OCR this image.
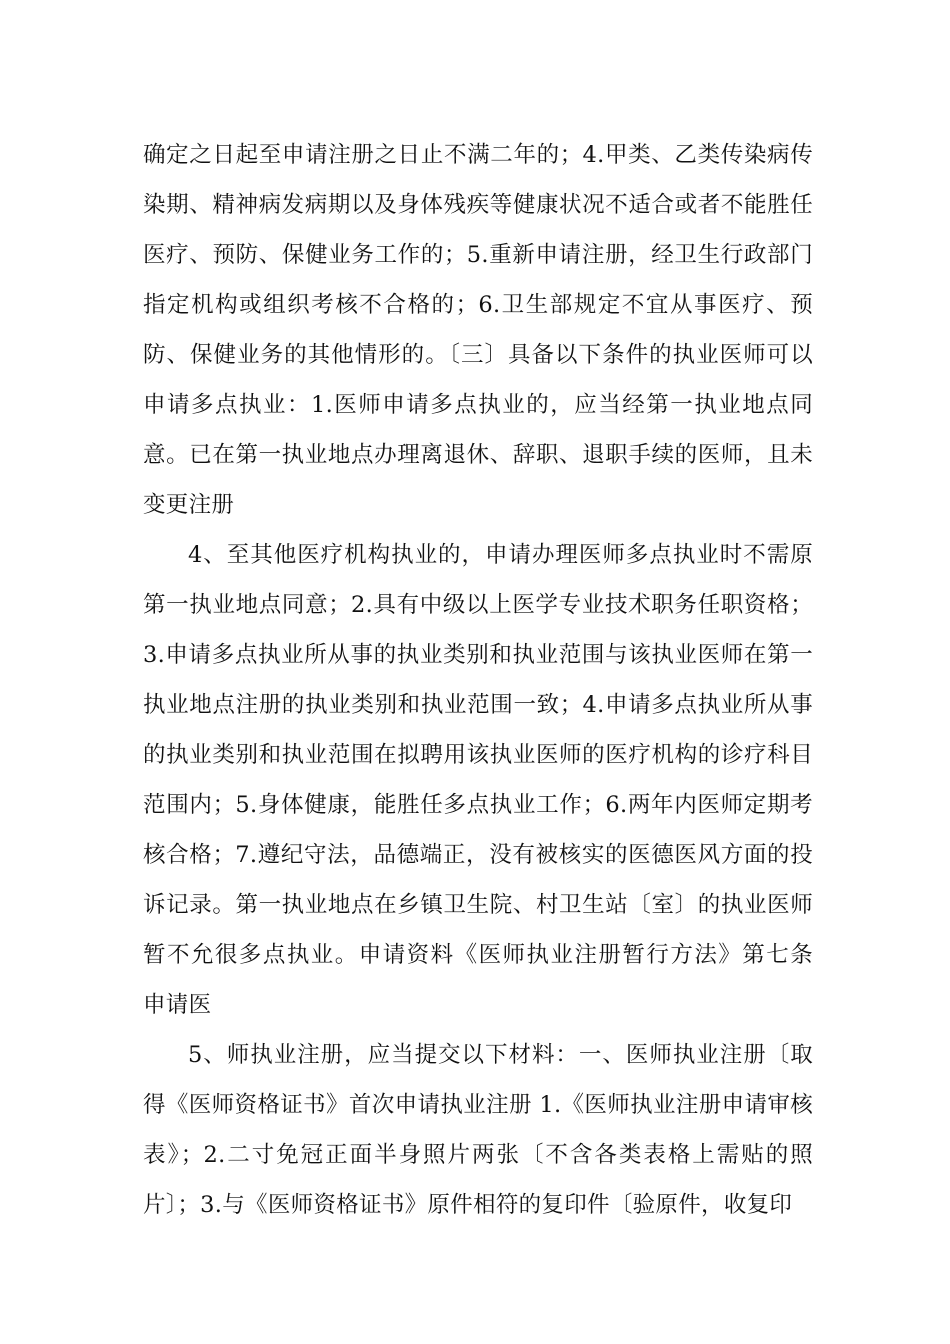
确定之日起至申请注册之日止不满二年的；4.甲类、乙类传染病传染期、精神病发病期以及身体残疾等健康状况不适合或者不能胜任医疗、预防、保健业务工作的；5.重新申请注册，经卫生行政部门指定机构或组织考核不合格的；6.卫生部规定不宜从事医疗、预防、保健业务的其他情形的。〔三〕具备以下条件的执业医师可以申请多点执业：1.医师申请多点执业的，应当经第一执业地点同意。已在第一执业地点办理离退休、辞职、退职手续的医师，且未变更注册

4、至其他医疗机构执业的，申请办理医师多点执业时不需原第一执业地点同意；2.具有中级以上医学专业技术职务任职资格；3.申请多点执业所从事的执业类别和执业范围与该执业医师在第一执业地点注册的执业类别和执业范围一致；4.申请多点执业所从事的执业类别和执业范围在拟聘用该执业医师的医疗机构的诊疗科目范围内；5.身体健康，能胜任多点执业工作；6.两年内医师定期考核合格；7.遵纪守法，品德端正，没有被核实的医德医风方面的投诉记录。第一执业地点在乡镇卫生院、村卫生站〔室〕的执业医师暂不允很多点执业。申请资料《医师执业注册暂行方法》第七条　申请医

5、师执业注册，应当提交以下材料：一、医师执业注册〔取得《医师资格证书》首次申请执业注册 1.《医师执业注册申请审核表》；2.二寸免冠正面半身照片两张〔不含各类表格上需贴的照片〕；3.与《医师资格证书》原件相符的复印件〔验原件，收复印
